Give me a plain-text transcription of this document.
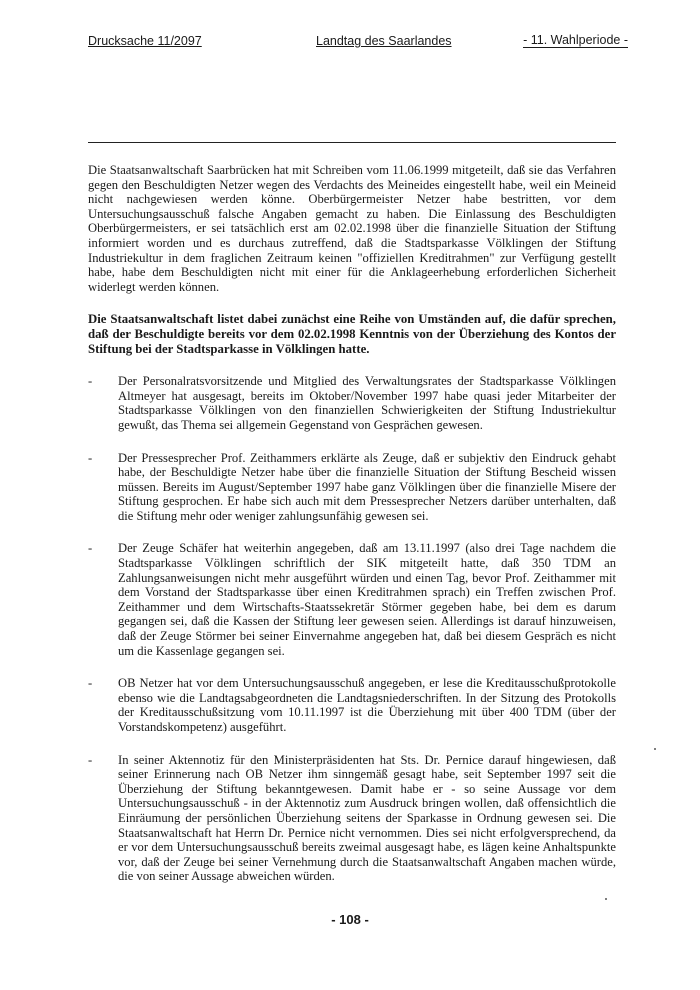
Drucksache 11/2097	Landtag des Saarlandes	- 11. Wahlperiode -

Die Staatsanwaltschaft Saarbrücken hat mit Schreiben vom 11.06.1999 mitgeteilt, daß sie das Verfahren gegen den Beschuldigten Netzer wegen des Verdachts des Meineides eingestellt habe, weil ein Meineid nicht nachgewiesen werden könne. Oberbürgermeister Netzer habe bestritten, vor dem Untersuchungsausschuß falsche Angaben gemacht zu haben. Die Einlassung des Beschuldigten Oberbürgermeisters, er sei tatsächlich erst am 02.02.1998 über die finanzielle Situation der Stiftung informiert worden und es durchaus zutreffend, daß die Stadtsparkasse Völklingen der Stiftung Industriekultur in dem fraglichen Zeitraum keinen "offiziellen Kreditrahmen" zur Verfügung gestellt habe, habe dem Beschuldigten nicht mit einer für die Anklageerhebung erforderlichen Sicherheit widerlegt werden können.

Die Staatsanwaltschaft listet dabei zunächst eine Reihe von Umständen auf, die dafür sprechen, daß der Beschuldigte bereits vor dem 02.02.1998 Kenntnis von der Überziehung des Kontos der Stiftung bei der Stadtsparkasse in Völklingen hatte.

- Der Personalratsvorsitzende und Mitglied des Verwaltungsrates der Stadtsparkasse Völklingen Altmeyer hat ausgesagt, bereits im Oktober/November 1997 habe quasi jeder Mitarbeiter der Stadtsparkasse Völklingen von den finanziellen Schwierigkeiten der Stiftung Industriekultur gewußt, das Thema sei allgemein Gegenstand von Gesprächen gewesen.

- Der Pressesprecher Prof. Zeithammers erklärte als Zeuge, daß er subjektiv den Eindruck gehabt habe, der Beschuldigte Netzer habe über die finanzielle Situation der Stiftung Bescheid wissen müssen. Bereits im August/September 1997 habe ganz Völklingen über die finanzielle Misere der Stiftung gesprochen. Er habe sich auch mit dem Pressesprecher Netzers darüber unterhalten, daß die Stiftung mehr oder weniger zahlungsunfähig gewesen sei.

- Der Zeuge Schäfer hat weiterhin angegeben, daß am 13.11.1997 (also drei Tage nachdem die Stadtsparkasse Völklingen schriftlich der SIK mitgeteilt hatte, daß 350 TDM an Zahlungsanweisungen nicht mehr ausgeführt würden und einen Tag, bevor Prof. Zeithammer mit dem Vorstand der Stadtsparkasse über einen Kreditrahmen sprach) ein Treffen zwischen Prof. Zeithammer und dem Wirtschafts-Staatssekretär Störmer gegeben habe, bei dem es darum gegangen sei, daß die Kassen der Stiftung leer gewesen seien. Allerdings ist darauf hinzuweisen, daß der Zeuge Störmer bei seiner Einvernahme angegeben hat, daß bei diesem Gespräch es nicht um die Kassenlage gegangen sei.

- OB Netzer hat vor dem Untersuchungsausschuß angegeben, er lese die Kreditausschußprotokolle ebenso wie die Landtagsabgeordneten die Landtagsniederschriften. In der Sitzung des Protokolls der Kreditausschußsitzung vom 10.11.1997 ist die Überziehung mit über 400 TDM (über der Vorstandskompetenz) ausgeführt.

- In seiner Aktennotiz für den Ministerpräsidenten hat Sts. Dr. Pernice darauf hingewiesen, daß seiner Erinnerung nach OB Netzer ihm sinngemäß gesagt habe, seit September 1997 seit die Überziehung der Stiftung bekanntgewesen. Damit habe er - so seine Aussage vor dem Untersuchungsausschuß - in der Aktennotiz zum Ausdruck bringen wollen, daß offensichtlich die Einräumung der persönlichen Überziehung seitens der Sparkasse in Ordnung gewesen sei. Die Staatsanwaltschaft hat Herrn Dr. Pernice nicht vernommen. Dies sei nicht erfolgversprechend, da er vor dem Untersuchungsausschuß bereits zweimal ausgesagt habe, es lägen keine Anhaltspunkte vor, daß der Zeuge bei seiner Vernehmung durch die Staatsanwaltschaft Angaben machen würde, die von seiner Aussage abweichen würden.

- 108 -
